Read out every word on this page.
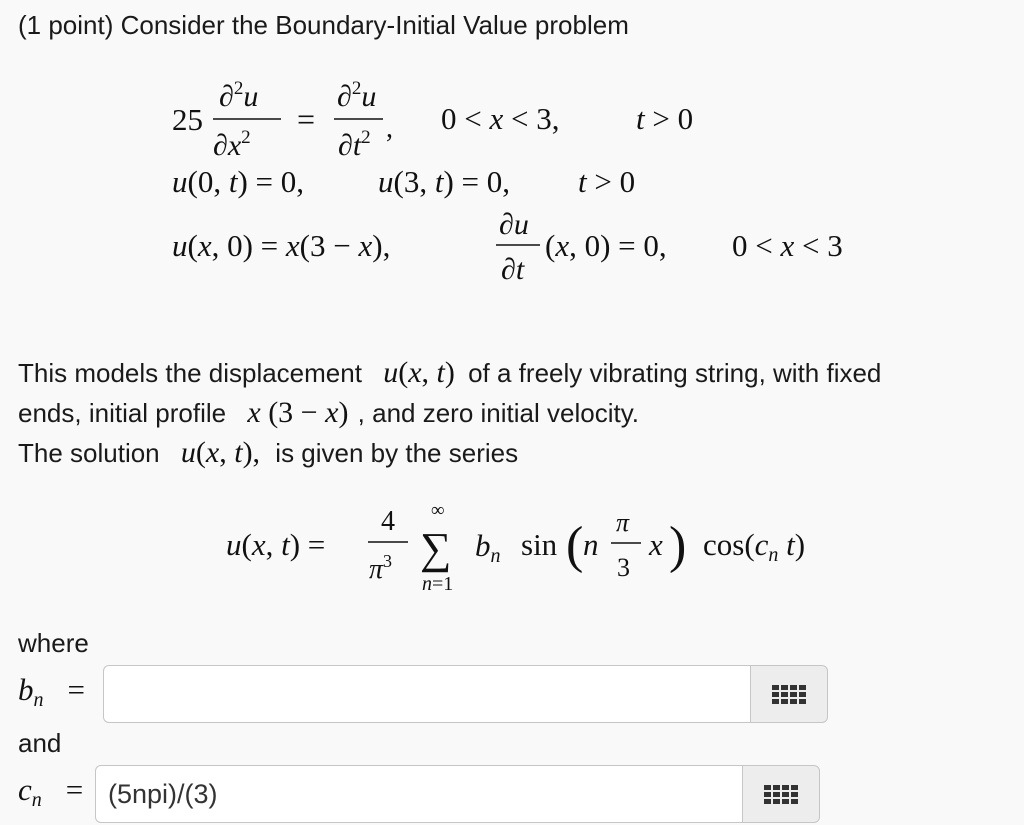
(1 point) Consider the Boundary-Initial Value problem
25
∂$^2$u
$\partial x^2$
=
∂$^2$u
$\partial t^2$ , 0 < x < 3, t > 0
u(0, t) = 0, u(3, t) = 0, t > 0
u(x, 0) = x(3 − x),
∂u
∂t
(x, 0) = 0, 0 < x < 3
This models the displacement u(x, t) of a freely vibrating string, with fixed
ends, initial profile x (3 − x) , and zero initial velocity.
The solution u(x, t), is given by the series
u(x, t) =
4
$\pi^3$
∞
∑
n=1
bn sin ( n
π
3
x ) cos(cn t)
where
bn =
and
cn =
(5npi)/(3)
